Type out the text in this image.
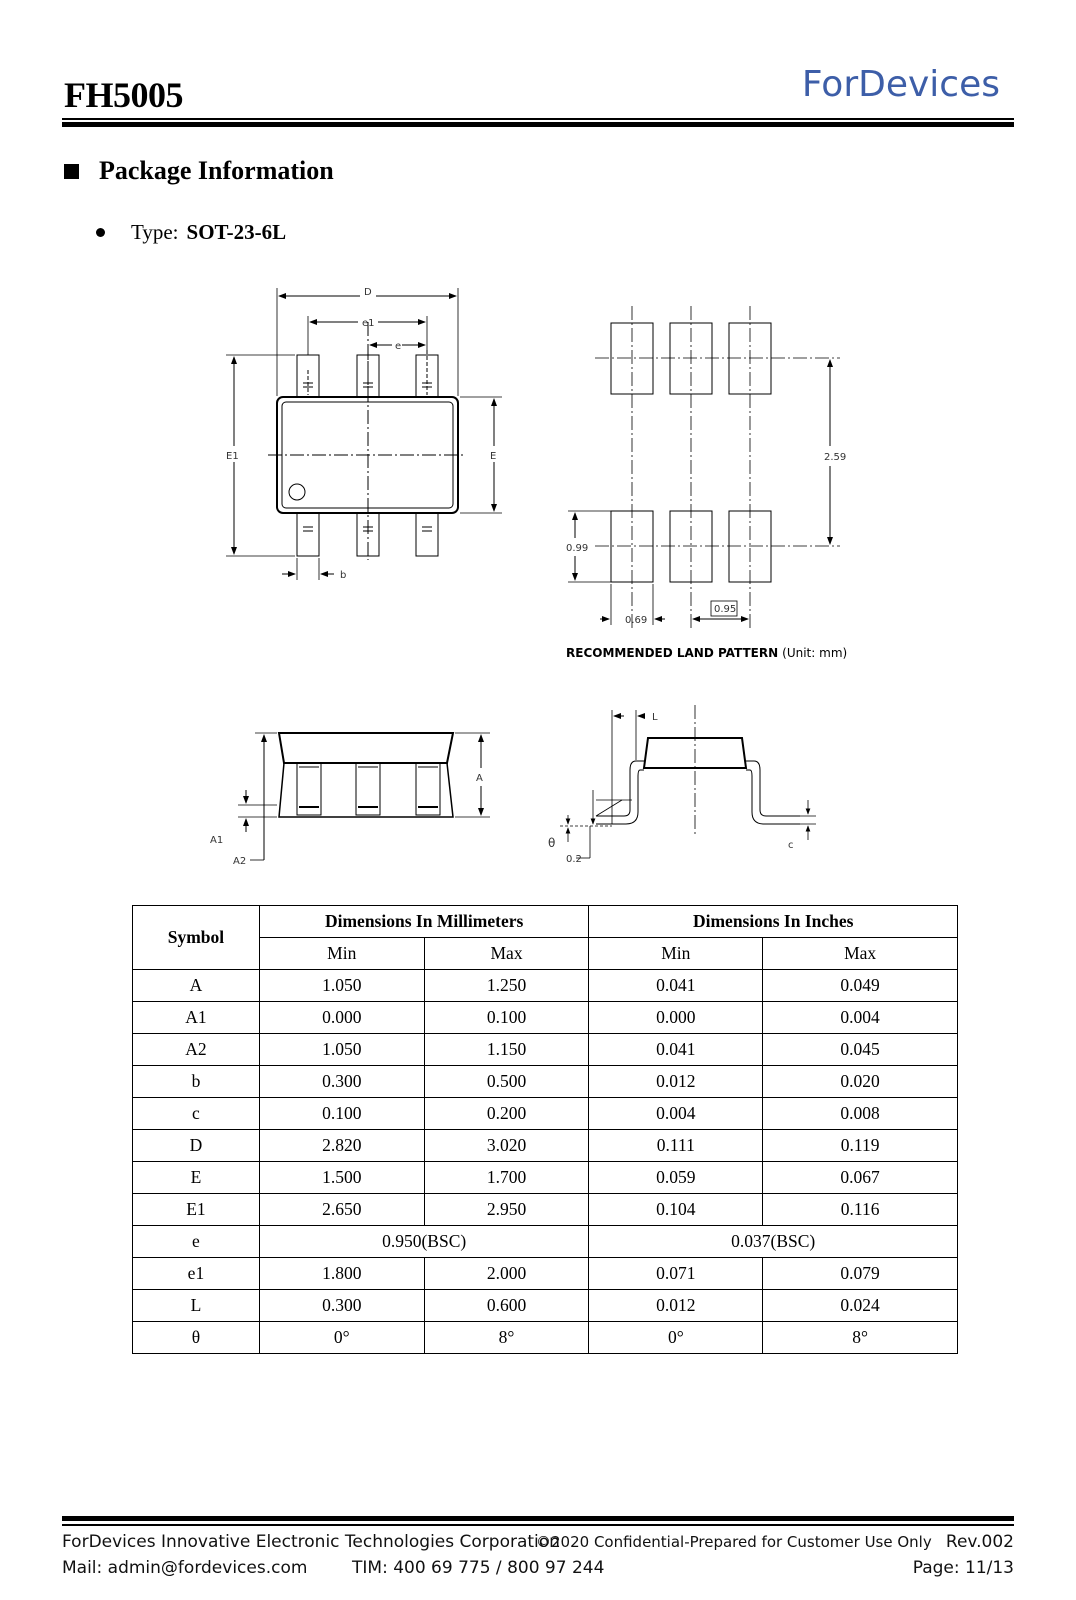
FH5005	ForDevices
Package Information
Type: SOT-23-6L
D
e1
e
E1	E
b
2.59
0.99
0.69
0.95
RECOMMENDED LAND PATTERN (Unit: mm)
A
A1
A2
L
θ
0.2
c
Symbol	Dimensions In Millimeters		Dimensions In Inches	
	Min	Max	Min	Max
A	1.050	1.250	0.041	0.049
A1	0.000	0.100	0.000	0.004
A2	1.050	1.150	0.041	0.045
b	0.300	0.500	0.012	0.020
c	0.100	0.200	0.004	0.008
D	2.820	3.020	0.111	0.119
E	1.500	1.700	0.059	0.067
E1	2.650	2.950	0.104	0.116
e	0.950(BSC)		0.037(BSC)	
e1	1.800	2.000	0.071	0.079
L	0.300	0.600	0.012	0.024
θ	0°	8°	0°	8°
ForDevices Innovative Electronic Technologies Corporation
©2020 Confidential-Prepared for Customer Use Only Rev.002
Mail: admin@fordevices.com	TIM: 400 69 775 / 800 97 244	Page: 11/13
